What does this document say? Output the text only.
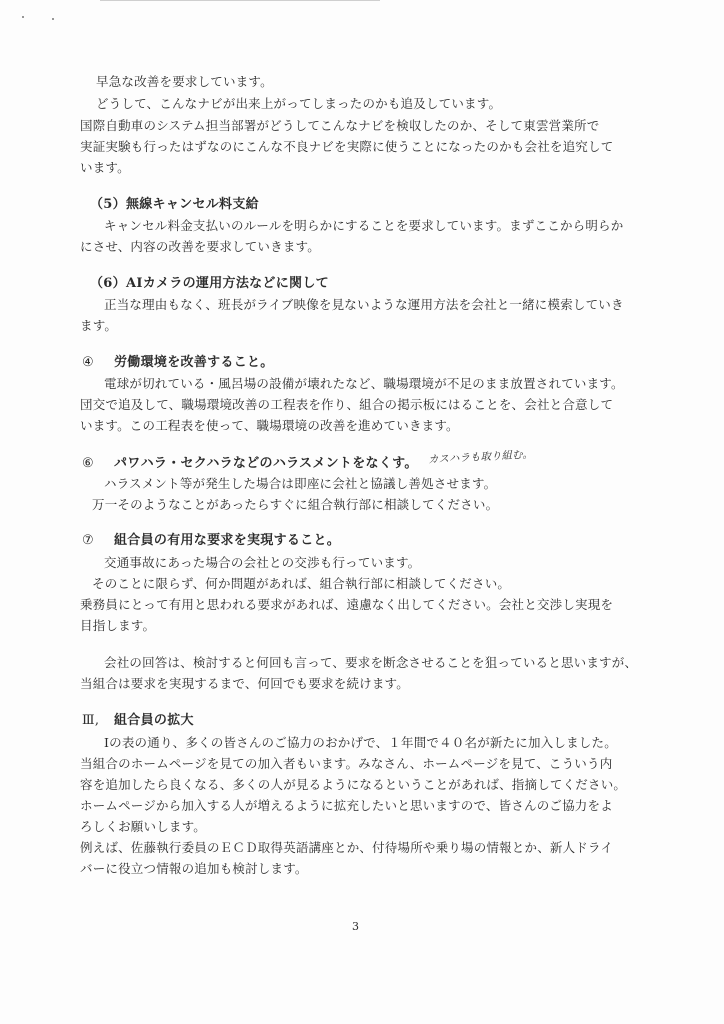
早急な改善を要求しています。
どうして、こんなナビが出来上がってしまったのかも追及しています。
国際自動車のシステム担当部署がどうしてこんなナビを検収したのか、そして東雲営業所で
実証実験も行ったはずなのにこんな不良ナビを実際に使うことになったのかも会社を追究して
います。
（5）無線キャンセル料支給
キャンセル料金支払いのルールを明らかにすることを要求しています。まずここから明らか
にさせ、内容の改善を要求していきます。
（6）AIカメラの運用方法などに関して
正当な理由もなく、班長がライブ映像を見ないような運用方法を会社と一緒に模索していき
ます。
④ 労働環境を改善すること。
電球が切れている・風呂場の設備が壊れたなど、職場環境が不足のまま放置されています。
団交で追及して、職場環境改善の工程表を作り、組合の掲示板にはることを、会社と合意して
います。この工程表を使って、職場環境の改善を進めていきます。
⑥ パワハラ・セクハラなどのハラスメントをなくす。 カスハラも取り組む。
ハラスメント等が発生した場合は即座に会社と協議し善処させます。
万一そのようなことがあったらすぐに組合執行部に相談してください。
⑦ 組合員の有用な要求を実現すること。
交通事故にあった場合の会社との交渉も行っています。
そのことに限らず、何か問題があれば、組合執行部に相談してください。
乗務員にとって有用と思われる要求があれば、遠慮なく出してください。会社と交渉し実現を
目指します。
会社の回答は、検討すると何回も言って、要求を断念させることを狙っていると思いますが、
当組合は要求を実現するまで、何回でも要求を続けます。
Ⅲ, 組合員の拡大
Ⅰの表の通り、多くの皆さんのご協力のおかげで、１年間で４０名が新たに加入しました。
当組合のホームページを見ての加入者もいます。みなさん、ホームページを見て、こういう内
容を追加したら良くなる、多くの人が見るようになるということがあれば、指摘してください。
ホームページから加入する人が増えるように拡充したいと思いますので、皆さんのご協力をよ
ろしくお願いします。
例えば、佐藤執行委員のＥＣＤ取得英語講座とか、付待場所や乗り場の情報とか、新人ドライ
バーに役立つ情報の追加も検討します。
3
